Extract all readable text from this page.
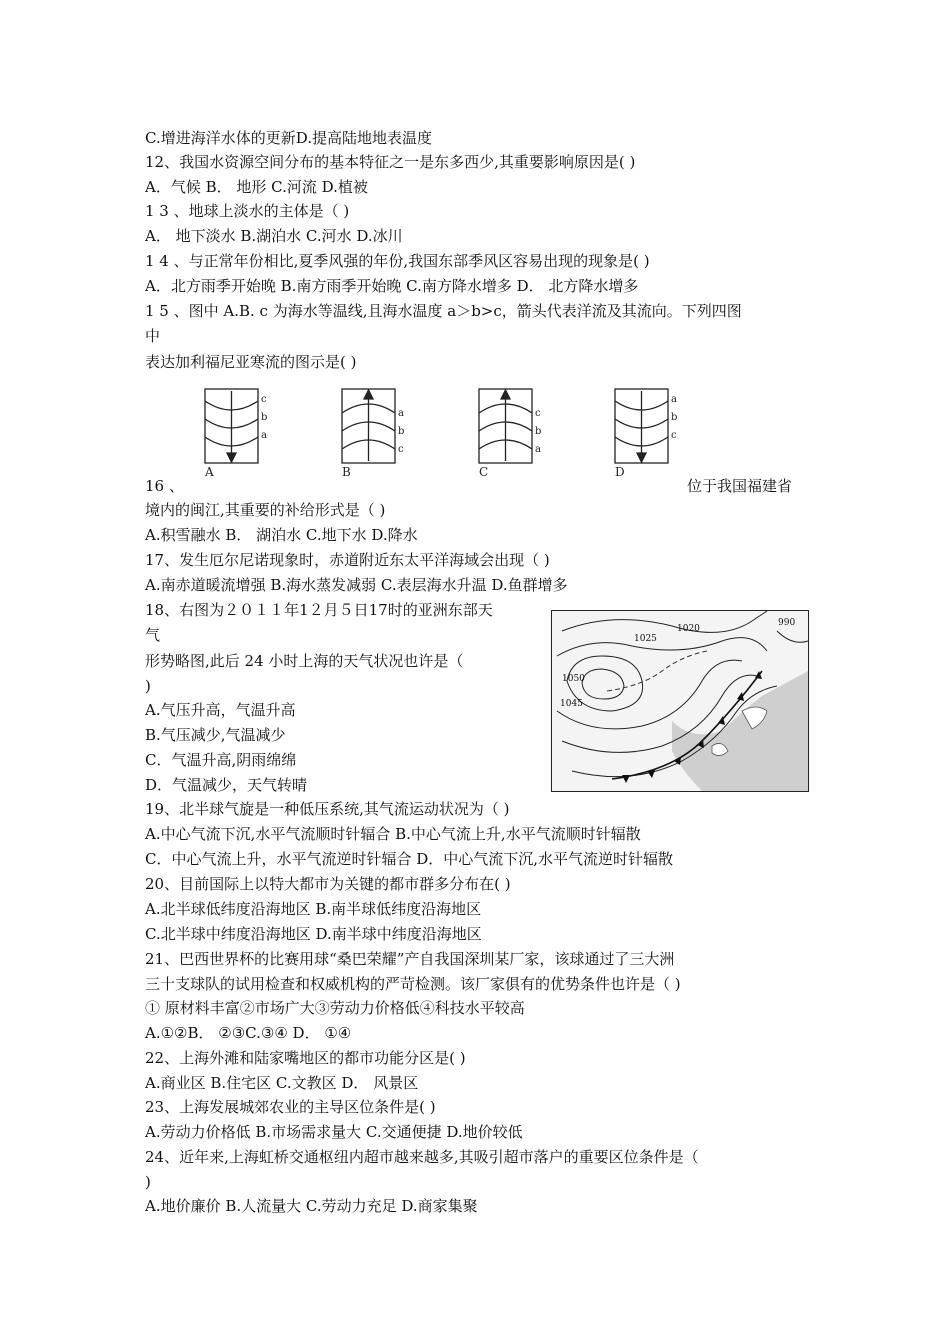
C.增进海洋水体的更新D.提高陆地地表温度
12、我国水资源空间分布的基本特征之一是东多西少,其重要影响原因是( )
A．气候 B． 地形 C.河流 D.植被
1 3 、地球上淡水的主体是（ )
A． 地下淡水 B.湖泊水 C.河水 D.冰川
1 4 、与正常年份相比,夏季风强的年份,我国东部季风区容易出现的现象是( )
A．北方雨季开始晚 B.南方雨季开始晚 C.南方降水增多 D． 北方降水增多
1 5 、图中 A.B. c 为海水等温线,且海水温度 a＞b>c，箭头代表洋流及其流向。下列四图
中
表达加利福尼亚寒流的图示是( )
c
b
a
a
b
c
c
b
a
a
b
c
A	B	C	D
16 、	位于我国福建省
境内的闽江,其重要的补给形式是（ )
A.积雪融水 B． 湖泊水 C.地下水 D.降水
17、发生厄尔尼诺现象时，赤道附近东太平洋海域会出现（ )
A.南赤道暖流增强 B.海水蒸发减弱 C.表层海水升温 D.鱼群增多
18、右图为２０１１年1２月５日17时的亚洲东部天
气
形势略图,此后 24 小时上海的天气状况也许是（
)
A.气压升高，气温升高
B.气压减少,气温减少
C．气温升高,阴雨绵绵
D．气温减少，天气转晴
990
1020
1025
1050
1045
19、北半球气旋是一种低压系统,其气流运动状况为（ )
A.中心气流下沉,水平气流顺时针辐合 B.中心气流上升,水平气流顺时针辐散
C．中心气流上升，水平气流逆时针辐合 D．中心气流下沉,水平气流逆时针辐散
20、目前国际上以特大都市为关键的都市群多分布在( )
A.北半球低纬度沿海地区 B.南半球低纬度沿海地区
C.北半球中纬度沿海地区 D.南半球中纬度沿海地区
21、巴西世界杯的比赛用球“桑巴荣耀”产自我国深圳某厂家，该球通过了三大洲
三十支球队的试用检查和权威机构的严苛检测。该厂家俱有的优势条件也许是（ )
① 原材料丰富②市场广大③劳动力价格低④科技水平较高
A.①②B． ②③C.③④ D． ①④
22、上海外滩和陆家嘴地区的都市功能分区是( )
A.商业区 B.住宅区 C.文教区 D． 风景区
23、上海发展城郊农业的主导区位条件是( )
A.劳动力价格低 B.市场需求量大 C.交通便捷 D.地价较低
24、近年来,上海虹桥交通枢纽内超市越来越多,其吸引超市落户的重要区位条件是（
)
A.地价廉价 B.人流量大 C.劳动力充足 D.商家集聚
